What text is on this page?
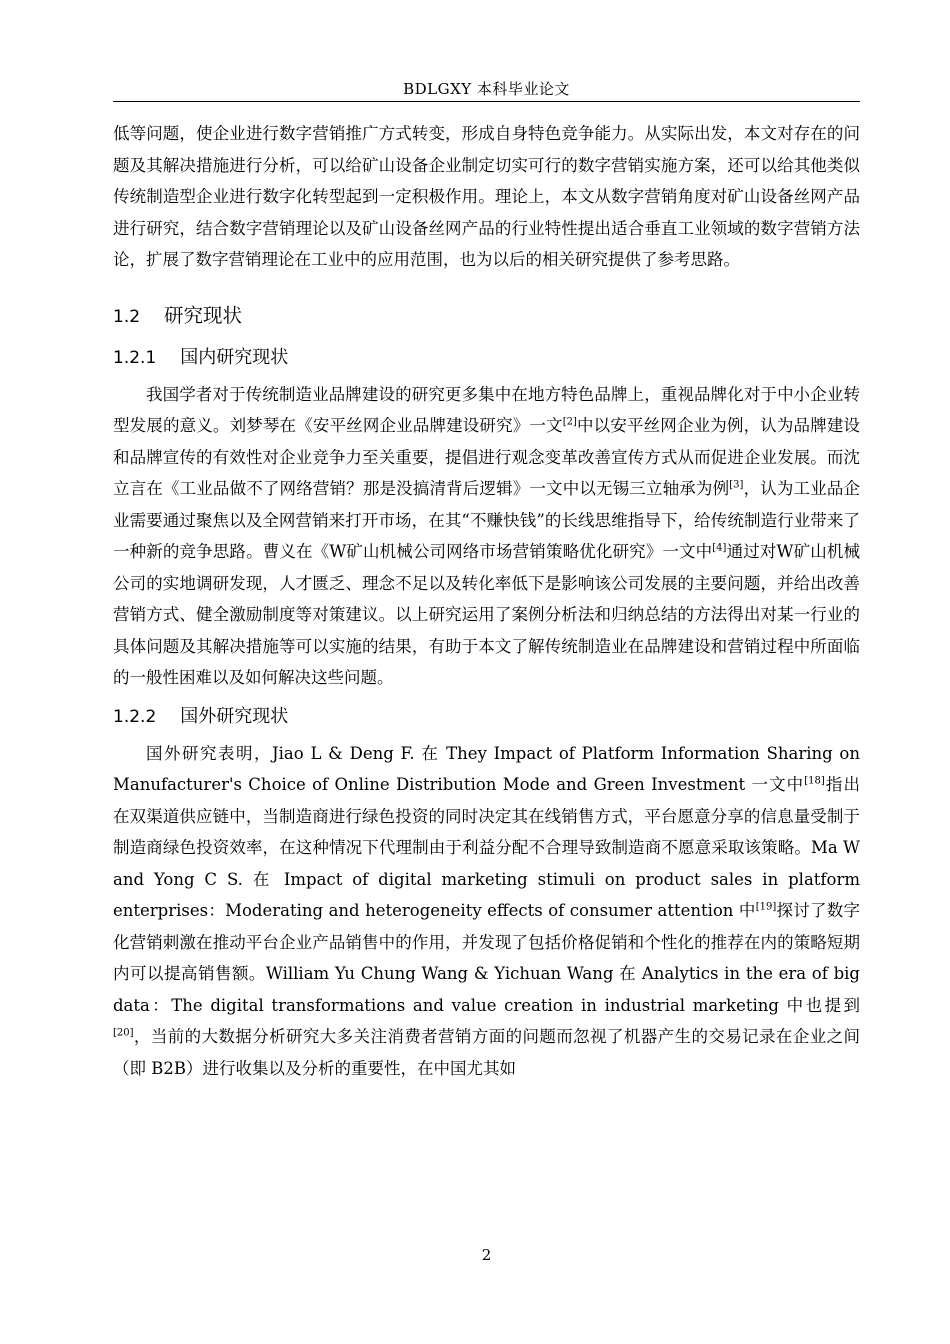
BDLGXY 本科毕业论文

低等问题，使企业进行数字营销推广方式转变，形成自身特色竞争能力。从实际出发，本文对存在的问题及其解决措施进行分析，可以给矿山设备企业制定切实可行的数字营销实施方案，还可以给其他类似传统制造型企业进行数字化转型起到一定积极作用。理论上，本文从数字营销角度对矿山设备丝网产品进行研究，结合数字营销理论以及矿山设备丝网产品的行业特性提出适合垂直工业领域的数字营销方法论，扩展了数字营销理论在工业中的应用范围，也为以后的相关研究提供了参考思路。

1.2 研究现状
1.2.1 国内研究现状

我国学者对于传统制造业品牌建设的研究更多集中在地方特色品牌上，重视品牌化对于中小企业转型发展的意义。刘梦琴在《安平丝网企业品牌建设研究》一文[2]中以安平丝网企业为例，认为品牌建设和品牌宣传的有效性对企业竞争力至关重要，提倡进行观念变革改善宣传方式从而促进企业发展。而沈立言在《工业品做不了网络营销？那是没搞清背后逻辑》一文中以无锡三立轴承为例[3]，认为工业品企业需要通过聚焦以及全网营销来打开市场，在其“不赚快钱”的长线思维指导下，给传统制造行业带来了一种新的竞争思路。曹义在《W矿山机械公司网络市场营销策略优化研究》一文中[4]通过对W矿山机械公司的实地调研发现，人才匮乏、理念不足以及转化率低下是影响该公司发展的主要问题，并给出改善营销方式、健全激励制度等对策建议。以上研究运用了案例分析法和归纳总结的方法得出对某一行业的具体问题及其解决措施等可以实施的结果，有助于本文了解传统制造业在品牌建设和营销过程中所面临的一般性困难以及如何解决这些问题。

1.2.2 国外研究现状

国外研究表明，Jiao L & Deng F. 在 They Impact of Platform Information Sharing on Manufacturer's Choice of Online Distribution Mode and Green Investment 一文中[18]指出在双渠道供应链中，当制造商进行绿色投资的同时决定其在线销售方式，平台愿意分享的信息量受制于制造商绿色投资效率，在这种情况下代理制由于利益分配不合理导致制造商不愿意采取该策略。Ma W and Yong C S. 在 Impact of digital marketing stimuli on product sales in platform enterprises：Moderating and heterogeneity effects of consumer attention 中[19]探讨了数字化营销刺激在推动平台企业产品销售中的作用，并发现了包括价格促销和个性化的推荐在内的策略短期内可以提高销售额。William Yu Chung Wang & Yichuan Wang 在 Analytics in the era of big data：The digital transformations and value creation in industrial marketing 中也提到[20]，当前的大数据分析研究大多关注消费者营销方面的问题而忽视了机器产生的交易记录在企业之间（即 B2B）进行收集以及分析的重要性，在中国尤其如

2
